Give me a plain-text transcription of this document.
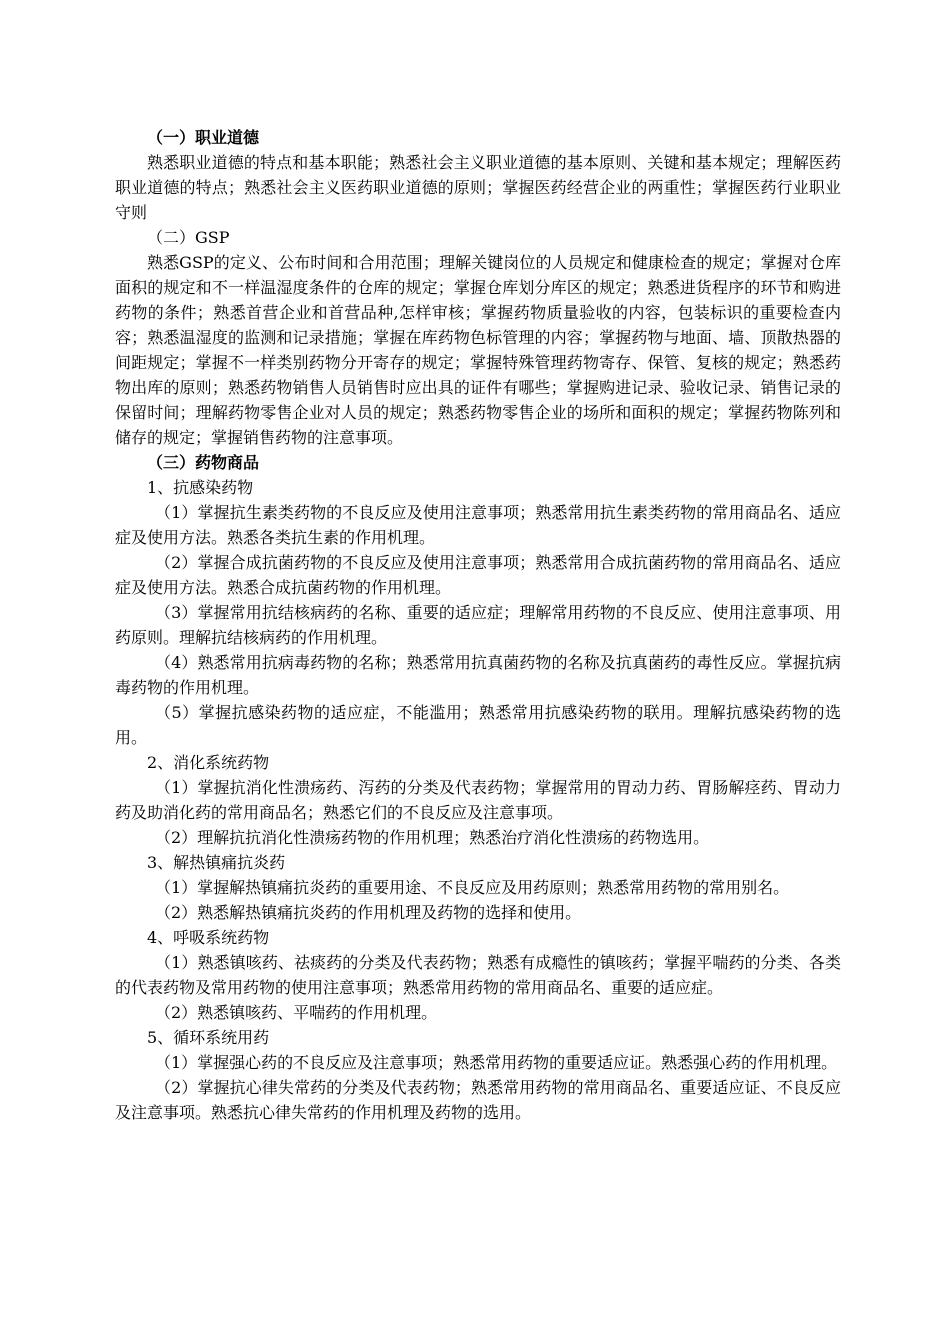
（一）职业道德

熟悉职业道德的特点和基本职能；熟悉社会主义职业道德的基本原则、关键和基本规定；理解医药职业道德的特点；熟悉社会主义医药职业道德的原则；掌握医药经营企业的两重性；掌握医药行业职业守则

（二）GSP

熟悉GSP的定义、公布时间和合用范围；理解关键岗位的人员规定和健康检查的规定；掌握对仓库面积的规定和不一样温湿度条件的仓库的规定；掌握仓库划分库区的规定；熟悉进货程序的环节和购进药物的条件；熟悉首营企业和首营品种,怎样审核；掌握药物质量验收的内容，包装标识的重要检查内容；熟悉温湿度的监测和记录措施；掌握在库药物色标管理的内容；掌握药物与地面、墙、顶散热器的间距规定；掌握不一样类别药物分开寄存的规定；掌握特殊管理药物寄存、保管、复核的规定；熟悉药物出库的原则；熟悉药物销售人员销售时应出具的证件有哪些；掌握购进记录、验收记录、销售记录的保留时间；理解药物零售企业对人员的规定；熟悉药物零售企业的场所和面积的规定；掌握药物陈列和储存的规定；掌握销售药物的注意事项。

（三）药物商品

1、抗感染药物

（1）掌握抗生素类药物的不良反应及使用注意事项；熟悉常用抗生素类药物的常用商品名、适应症及使用方法。熟悉各类抗生素的作用机理。

（2）掌握合成抗菌药物的不良反应及使用注意事项；熟悉常用合成抗菌药物的常用商品名、适应症及使用方法。熟悉合成抗菌药物的作用机理。

（3）掌握常用抗结核病药的名称、重要的适应症；理解常用药物的不良反应、使用注意事项、用药原则。理解抗结核病药的作用机理。

（4）熟悉常用抗病毒药物的名称；熟悉常用抗真菌药物的名称及抗真菌药的毒性反应。掌握抗病毒药物的作用机理。

（5）掌握抗感染药物的适应症，不能滥用；熟悉常用抗感染药物的联用。理解抗感染药物的选用。

2、消化系统药物

（1）掌握抗消化性溃疡药、泻药的分类及代表药物；掌握常用的胃动力药、胃肠解痉药、胃动力药及助消化药的常用商品名；熟悉它们的不良反应及注意事项。

（2）理解抗抗消化性溃疡药物的作用机理；熟悉治疗消化性溃疡的药物选用。

3、解热镇痛抗炎药

（1）掌握解热镇痛抗炎药的重要用途、不良反应及用药原则；熟悉常用药物的常用别名。

（2）熟悉解热镇痛抗炎药的作用机理及药物的选择和使用。

4、呼吸系统药物

（1）熟悉镇咳药、祛痰药的分类及代表药物；熟悉有成瘾性的镇咳药；掌握平喘药的分类、各类的代表药物及常用药物的使用注意事项；熟悉常用药物的常用商品名、重要的适应症。

（2）熟悉镇咳药、平喘药的作用机理。

5、循环系统用药

（1）掌握强心药的不良反应及注意事项；熟悉常用药物的重要适应证。熟悉强心药的作用机理。

（2）掌握抗心律失常药的分类及代表药物；熟悉常用药物的常用商品名、重要适应证、不良反应及注意事项。熟悉抗心律失常药的作用机理及药物的选用。
